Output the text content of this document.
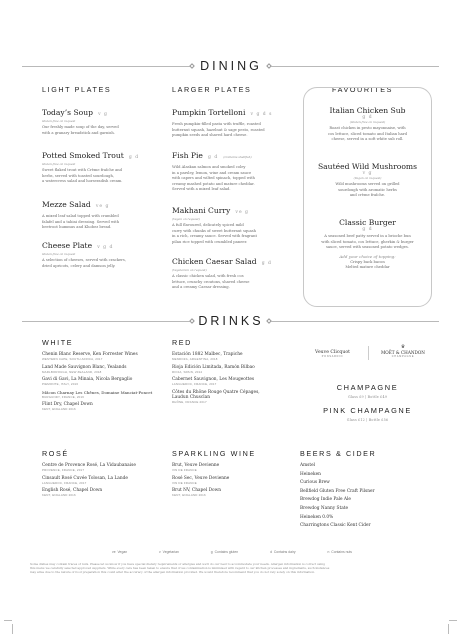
DINING
LIGHT PLATES
Today’s Soup v g
Gluten-free on request
Our freshly made soup of the day, served
with a granary breadstick and garnish.
Potted Smoked Trout g d
Gluten-free on request
Sweet flaked trout with Crème fraîche and
herbs, served with toasted sourdough,
a watercress salad and horseradish cream.
Mezze Salad ve g
A mixed leaf salad topped with crumbled
falafel and a tahini dressing. Served with
beetroot hummus and Khobez bread.
Cheese Plate v g d
Gluten-free on request
A selection of cheeses, served with crackers,
dried apricots, celery and damson jelly.
LARGER PLATES
Pumpkin Tortelloni v g d s
Fresh pumpkin-filled pasta with truffle, roasted
butternut squash, hazelnut & sage pesto, roasted
pumpkin seeds and shaved hard cheese.
Fish Pie g d (Contains shellfish)
Wild Alaskan salmon and smoked coley
in a parsley, lemon, wine and cream sauce
with capers and wilted spinach, topped with
creamy mashed potato and mature cheddar.
Served with a mixed leaf salad.
Makhani Curry ve g
(Vegan on request)
A full flavoured, delicately spiced mild
curry with chunks of sweet butternut squash
in a rich, creamy sauce. Served with fragrant
pilau rice topped with crumbled paneer.
Chicken Caesar Salad g d
(Vegetarian on request)
A classic chicken salad, with fresh cos
lettuce, crunchy croutons, shaved cheese
and a creamy Caesar dressing.
FAVOURITES
Italian Chicken Sub
g d
(Gluten-free on request)
Roast chicken in pesto mayonnaise, with
cos lettuce, sliced tomato and Italian hard
cheese, served in a soft white sub roll.
Sautéed Wild Mushrooms
v g
(Vegan on request)
Wild mushrooms served on grilled
sourdough with aromatic herbs
and crème fraîche.
Classic Burger
g d
A seasoned beef patty served in a brioche bun
with sliced tomato, cos lettuce, gherkin & burger
sauce, served with seasoned potato wedges.
Add your choice of topping:
Crispy back bacon
Melted mature cheddar
DRINKS
WHITE
Chenin Blanc Reserve, Ken Forrester Wines
WESTERN CAPE, SOUTH AFRICA, 2017
Land Made Sauvignon Blanc, Yealands
MARLBOROUGH, NEW ZEALAND, 2018
Gavi di Gavi, La Minaia, Nicola Bergaglio
PIEMONTE, ITALY, 2016
Mâcon Charnay Les Chênes, Domaine Manciat-Poncet
BURGUNDY, FRANCE, 2016
Flint Dry, Chapel Down
KENT, ENGLAND 2016
RED
Estación 1882 Malbec, Trapiche
MENDOZA, ARGENTINA, 2018
Rioja Edición Limitada, Ramón Bilbao
RIOJA, SPAIN, 2014
Cabernet Sauvignon, Les Mougeottes
LANGUEDOC, FRANCE, 2017
Côtes du Rhône Rouge Quatre Cépages,
Laudun Chusclan
RHÔNE, FRANCE 2017
Veuve Clicquot
PONSARDIN
♛
MOËT & CHANDON
CHAMPAGNE
CHAMPAGNE
Glass £9 | Bottle £49
PINK CHAMPAGNE
Glass £12 | Bottle £56
ROSÉ
Centre de Provence Rosé, La Vidaubanaise
PROVENCE, FRANCE, 2017
Cinsault Rosé Cuvée Tolosan, La Lande
LANGUEDOC, FRANCE, 2017
English Rosé, Chapel Down
KENT, ENGLAND 2016
SPARKLING WINE
Brut, Veuve Devienne
VIN DE FRANCE
Rosé Sec, Veuve Devienne
VIN DE FRANCE
Brut NV, Chapel Down
KENT, ENGLAND 2016
BEERS & CIDER
Amstel
Heineken
Curious Brew
Bellfield Gluten Free Craft Pilsner
Brewdog Indie Pale Ale
Brewdog Nanny State
Heineken 0.0%
Charringtons Classic Kent Cider
ve Vegan	v Vegetarian	g Contains gluten	d Contains dairy	n Contains nuts
Some dishes may contain traces of nuts. Please let us know if you have special dietary requirements or allergies and we’ll do our best to accommodate your needs. Allergen information is correct using
this menu we carefully selected approved suppliers. While every care has been taken to ensure that cross contamination is minimised with regard to our kitchen processes and ingredients, such instances
may arise due to the nature of food preparation this could alter the accuracy of the allergen information provided. We would therefore recommend that you do not rely solely on this information.
